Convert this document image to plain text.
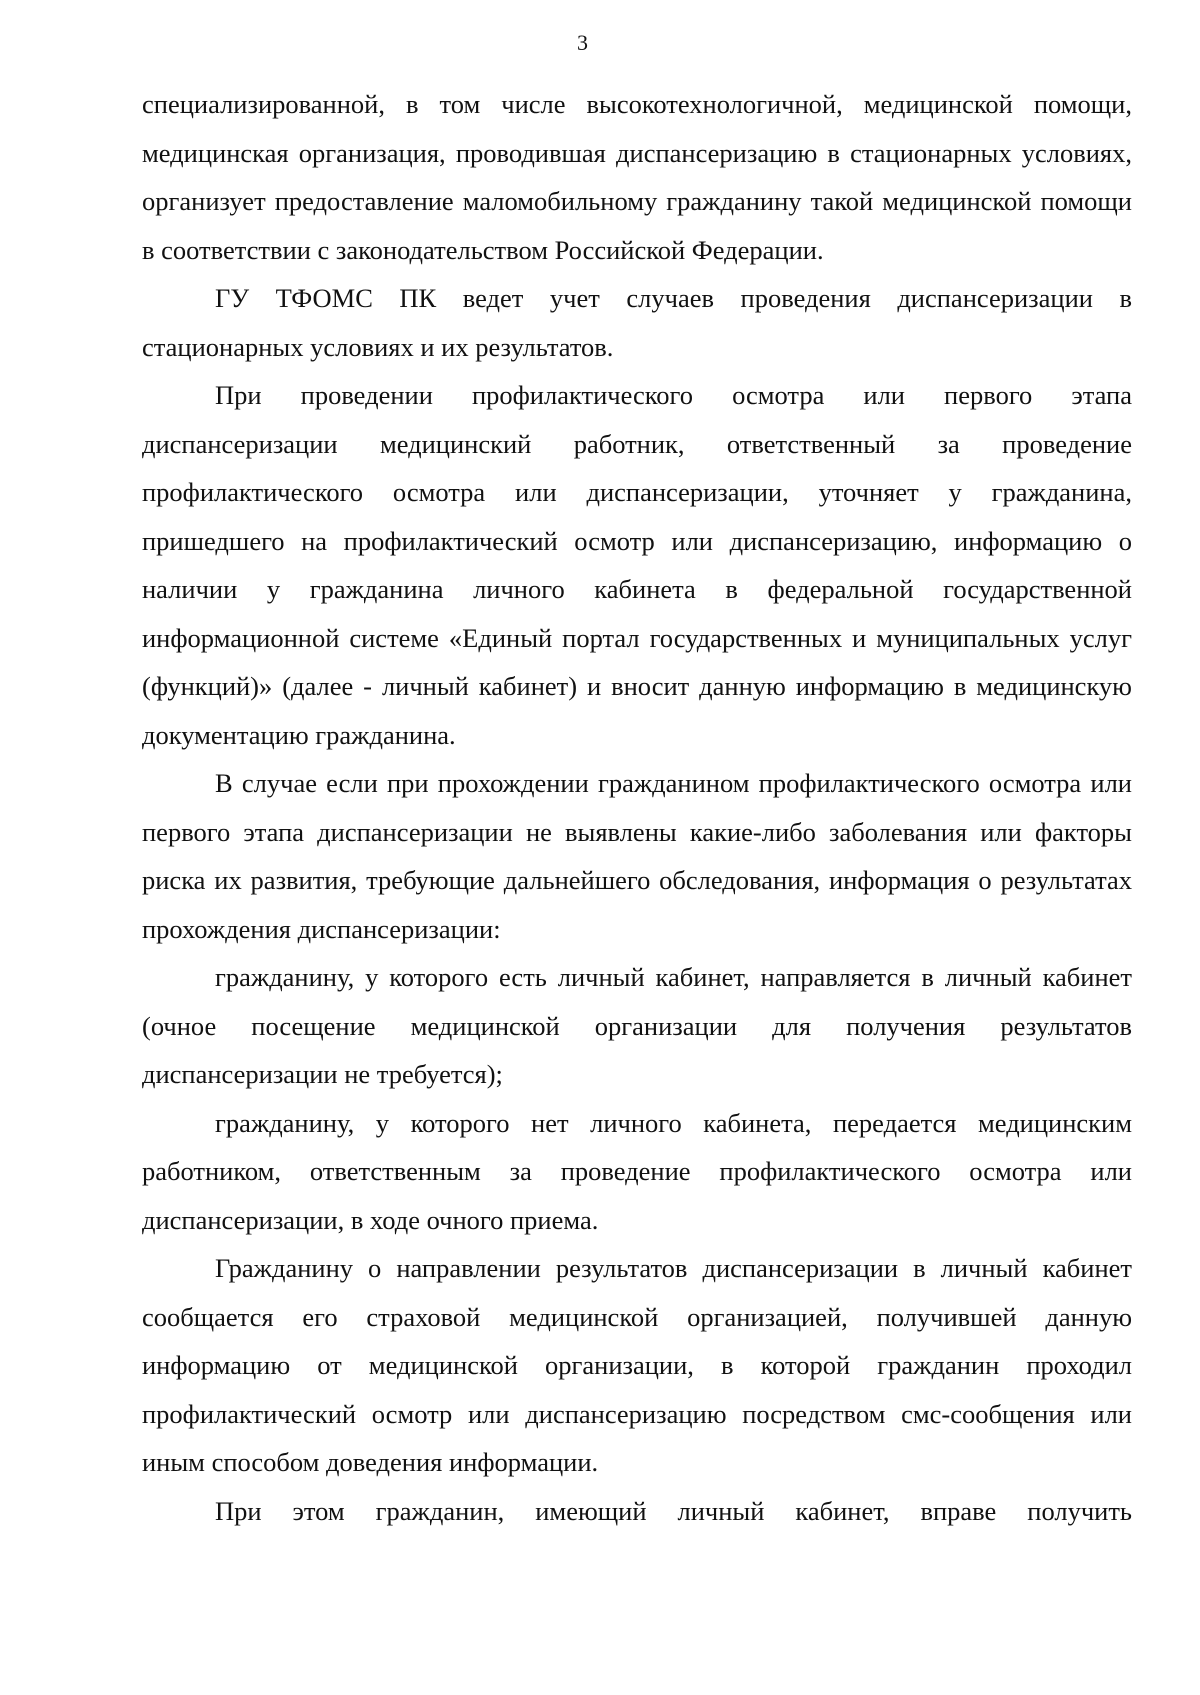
3

специализированной, в том числе высокотехнологичной, медицинской помощи, медицинская организация, проводившая диспансеризацию в стационарных условиях, организует предоставление маломобильному гражданину такой медицинской помощи в соответствии с законодательством Российской Федерации.

ГУ ТФОМС ПК ведет учет случаев проведения диспансеризации в стационарных условиях и их результатов.

При проведении профилактического осмотра или первого этапа диспансеризации медицинский работник, ответственный за проведение профилактического осмотра или диспансеризации, уточняет у гражданина, пришедшего на профилактический осмотр или диспансеризацию, информацию о наличии у гражданина личного кабинета в федеральной государственной информационной системе «Единый портал государственных и муниципальных услуг (функций)» (далее - личный кабинет) и вносит данную информацию в медицинскую документацию гражданина.

В случае если при прохождении гражданином профилактического осмотра или первого этапа диспансеризации не выявлены какие-либо заболевания или факторы риска их развития, требующие дальнейшего обследования, информация о результатах прохождения диспансеризации:

гражданину, у которого есть личный кабинет, направляется в личный кабинет (очное посещение медицинской организации для получения результатов диспансеризации не требуется);

гражданину, у которого нет личного кабинета, передается медицинским работником, ответственным за проведение профилактического осмотра или диспансеризации, в ходе очного приема.

Гражданину о направлении результатов диспансеризации в личный кабинет сообщается его страховой медицинской организацией, получившей данную информацию от медицинской организации, в которой гражданин проходил профилактический осмотр или диспансеризацию посредством смс-сообщения или иным способом доведения информации.

При этом гражданин, имеющий личный кабинет, вправе получить
